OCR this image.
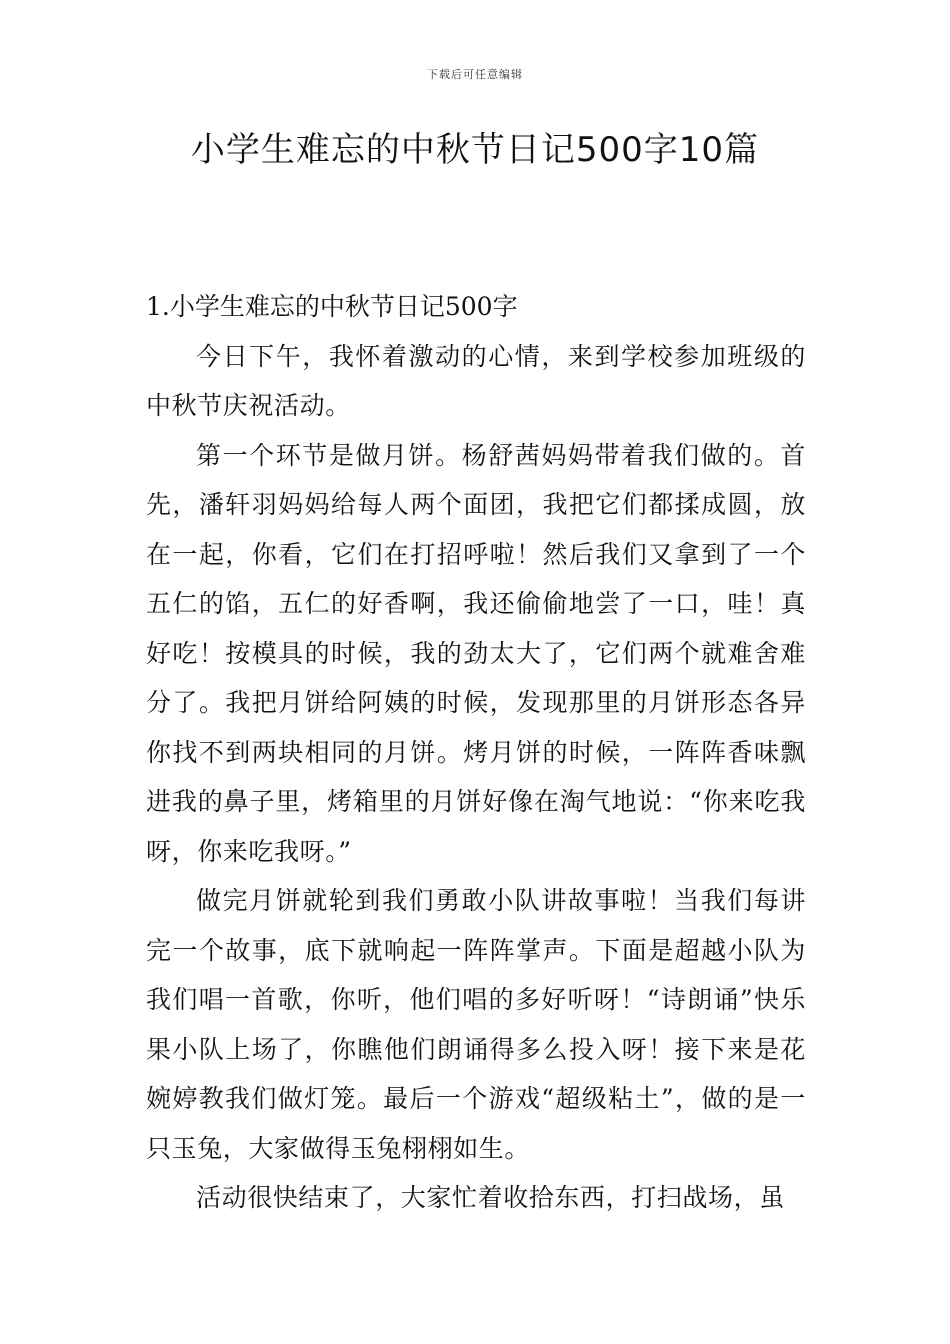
下载后可任意编辑
小学生难忘的中秋节日记500字10篇

1.小学生难忘的中秋节日记500字

今日下午，我怀着激动的心情，来到学校参加班级的中秋节庆祝活动。

第一个环节是做月饼。杨舒茜妈妈带着我们做的。首先，潘轩羽妈妈给每人两个面团，我把它们都揉成圆，放在一起，你看，它们在打招呼啦！然后我们又拿到了一个五仁的馅，五仁的好香啊，我还偷偷地尝了一口，哇！真好吃！按模具的时候，我的劲太大了，它们两个就难舍难分了。我把月饼给阿姨的时候，发现那里的月饼形态各异你找不到两块相同的月饼。烤月饼的时候，一阵阵香味飘进我的鼻子里，烤箱里的月饼好像在淘气地说：“你来吃我呀，你来吃我呀。”

做完月饼就轮到我们勇敢小队讲故事啦！当我们每讲完一个故事，底下就响起一阵阵掌声。下面是超越小队为我们唱一首歌，你听，他们唱的多好听呀！“诗朗诵”快乐果小队上场了，你瞧他们朗诵得多么投入呀！接下来是花婉婷教我们做灯笼。最后一个游戏“超级粘土”，做的是一只玉兔，大家做得玉兔栩栩如生。

活动很快结束了，大家忙着收拾东西，打扫战场，虽
